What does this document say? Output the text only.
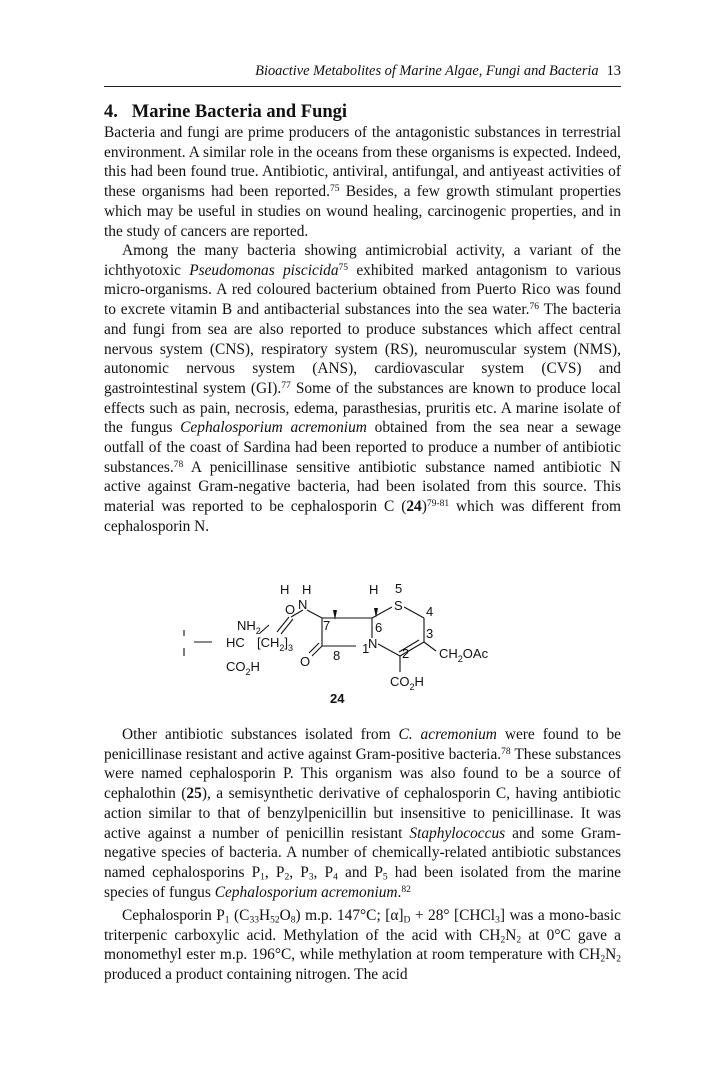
Bioactive Metabolites of Marine Algae, Fungi and Bacteria 13
4. Marine Bacteria and Fungi

Bacteria and fungi are prime producers of the antagonistic substances in terrestrial environment. A similar role in the oceans from these organisms is expected. Indeed, this had been found true. Antibiotic, antiviral, antifungal, and antiyeast activities of these organisms had been reported.$^{75}$ Besides, a few growth stimulant properties which may be useful in studies on wound healing, carcinogenic properties, and in the study of cancers are reported.

Among the many bacteria showing antimicrobial activity, a variant of the ichthyotoxic Pseudomonas piscicida$^{75}$ exhibited marked antagonism to various micro-organisms. A red coloured bacterium obtained from Puerto Rico was found to excrete vitamin B and antibacterial substances into the sea water.$^{76}$ The bacteria and fungi from sea are also reported to produce substances which affect central nervous system (CNS), respiratory system (RS), neuromuscular system (NMS), autonomic nervous system (ANS), cardiovascular system (CVS) and gastrointestinal system (GI).$^{77}$ Some of the substances are known to produce local effects such as pain, necrosis, edema, parasthesias, pruritis etc. A marine isolate of the fungus Cephalosporium acremonium obtained from the sea near a sewage outfall of the coast of Sardina had been reported to produce a number of antibiotic substances.$^{78}$ A penicillinase sensitive antibiotic substance named antibiotic N active against Gram-negative bacteria, had been isolated from this source. This material was reported to be cephalosporin C $(24)^{79-81}$ which was different from cephalosporin N.

H H	H
N	S
N
O
O
$NH_2$
HC $[CH_2]_3$
$CO_2H$
$CO_2H$
$CH_2OAc$
1	2
3
4
5
6
7
8
24

Other antibiotic substances isolated from C. acremonium were found to be penicillinase resistant and active against Gram-positive bacteria.$^{78}$ These substances were named cephalosporin P. This organism was also found to be a source of cephalothin (25), a semisynthetic derivative of cephalosporin C, having antibiotic action similar to that of benzylpenicillin but insensitive to penicillinase. It was active against a number of penicillin resistant Staphylococcus and some Gram-negative species of bacteria. A number of chemically-related antibiotic substances named cephalosporins $P_1$, $P_2$, $P_3$, $P_4$ and $P_5$ had been isolated from the marine species of fungus Cephalosporium acremonium.$^{82}$

Cephalosporin $P_1$ $(C_{33}H_{52}O_8)$ m.p. 147°C; $[\alpha]_D + 28^\circ$ [CHCl$_3$] was a mono-basic triterpenic carboxylic acid. Methylation of the acid with $CH_2N_2$ at 0°C gave a monomethyl ester m.p. 196°C, while methylation at room temperature with $CH_2N_2$ produced a product containing nitrogen. The acid
